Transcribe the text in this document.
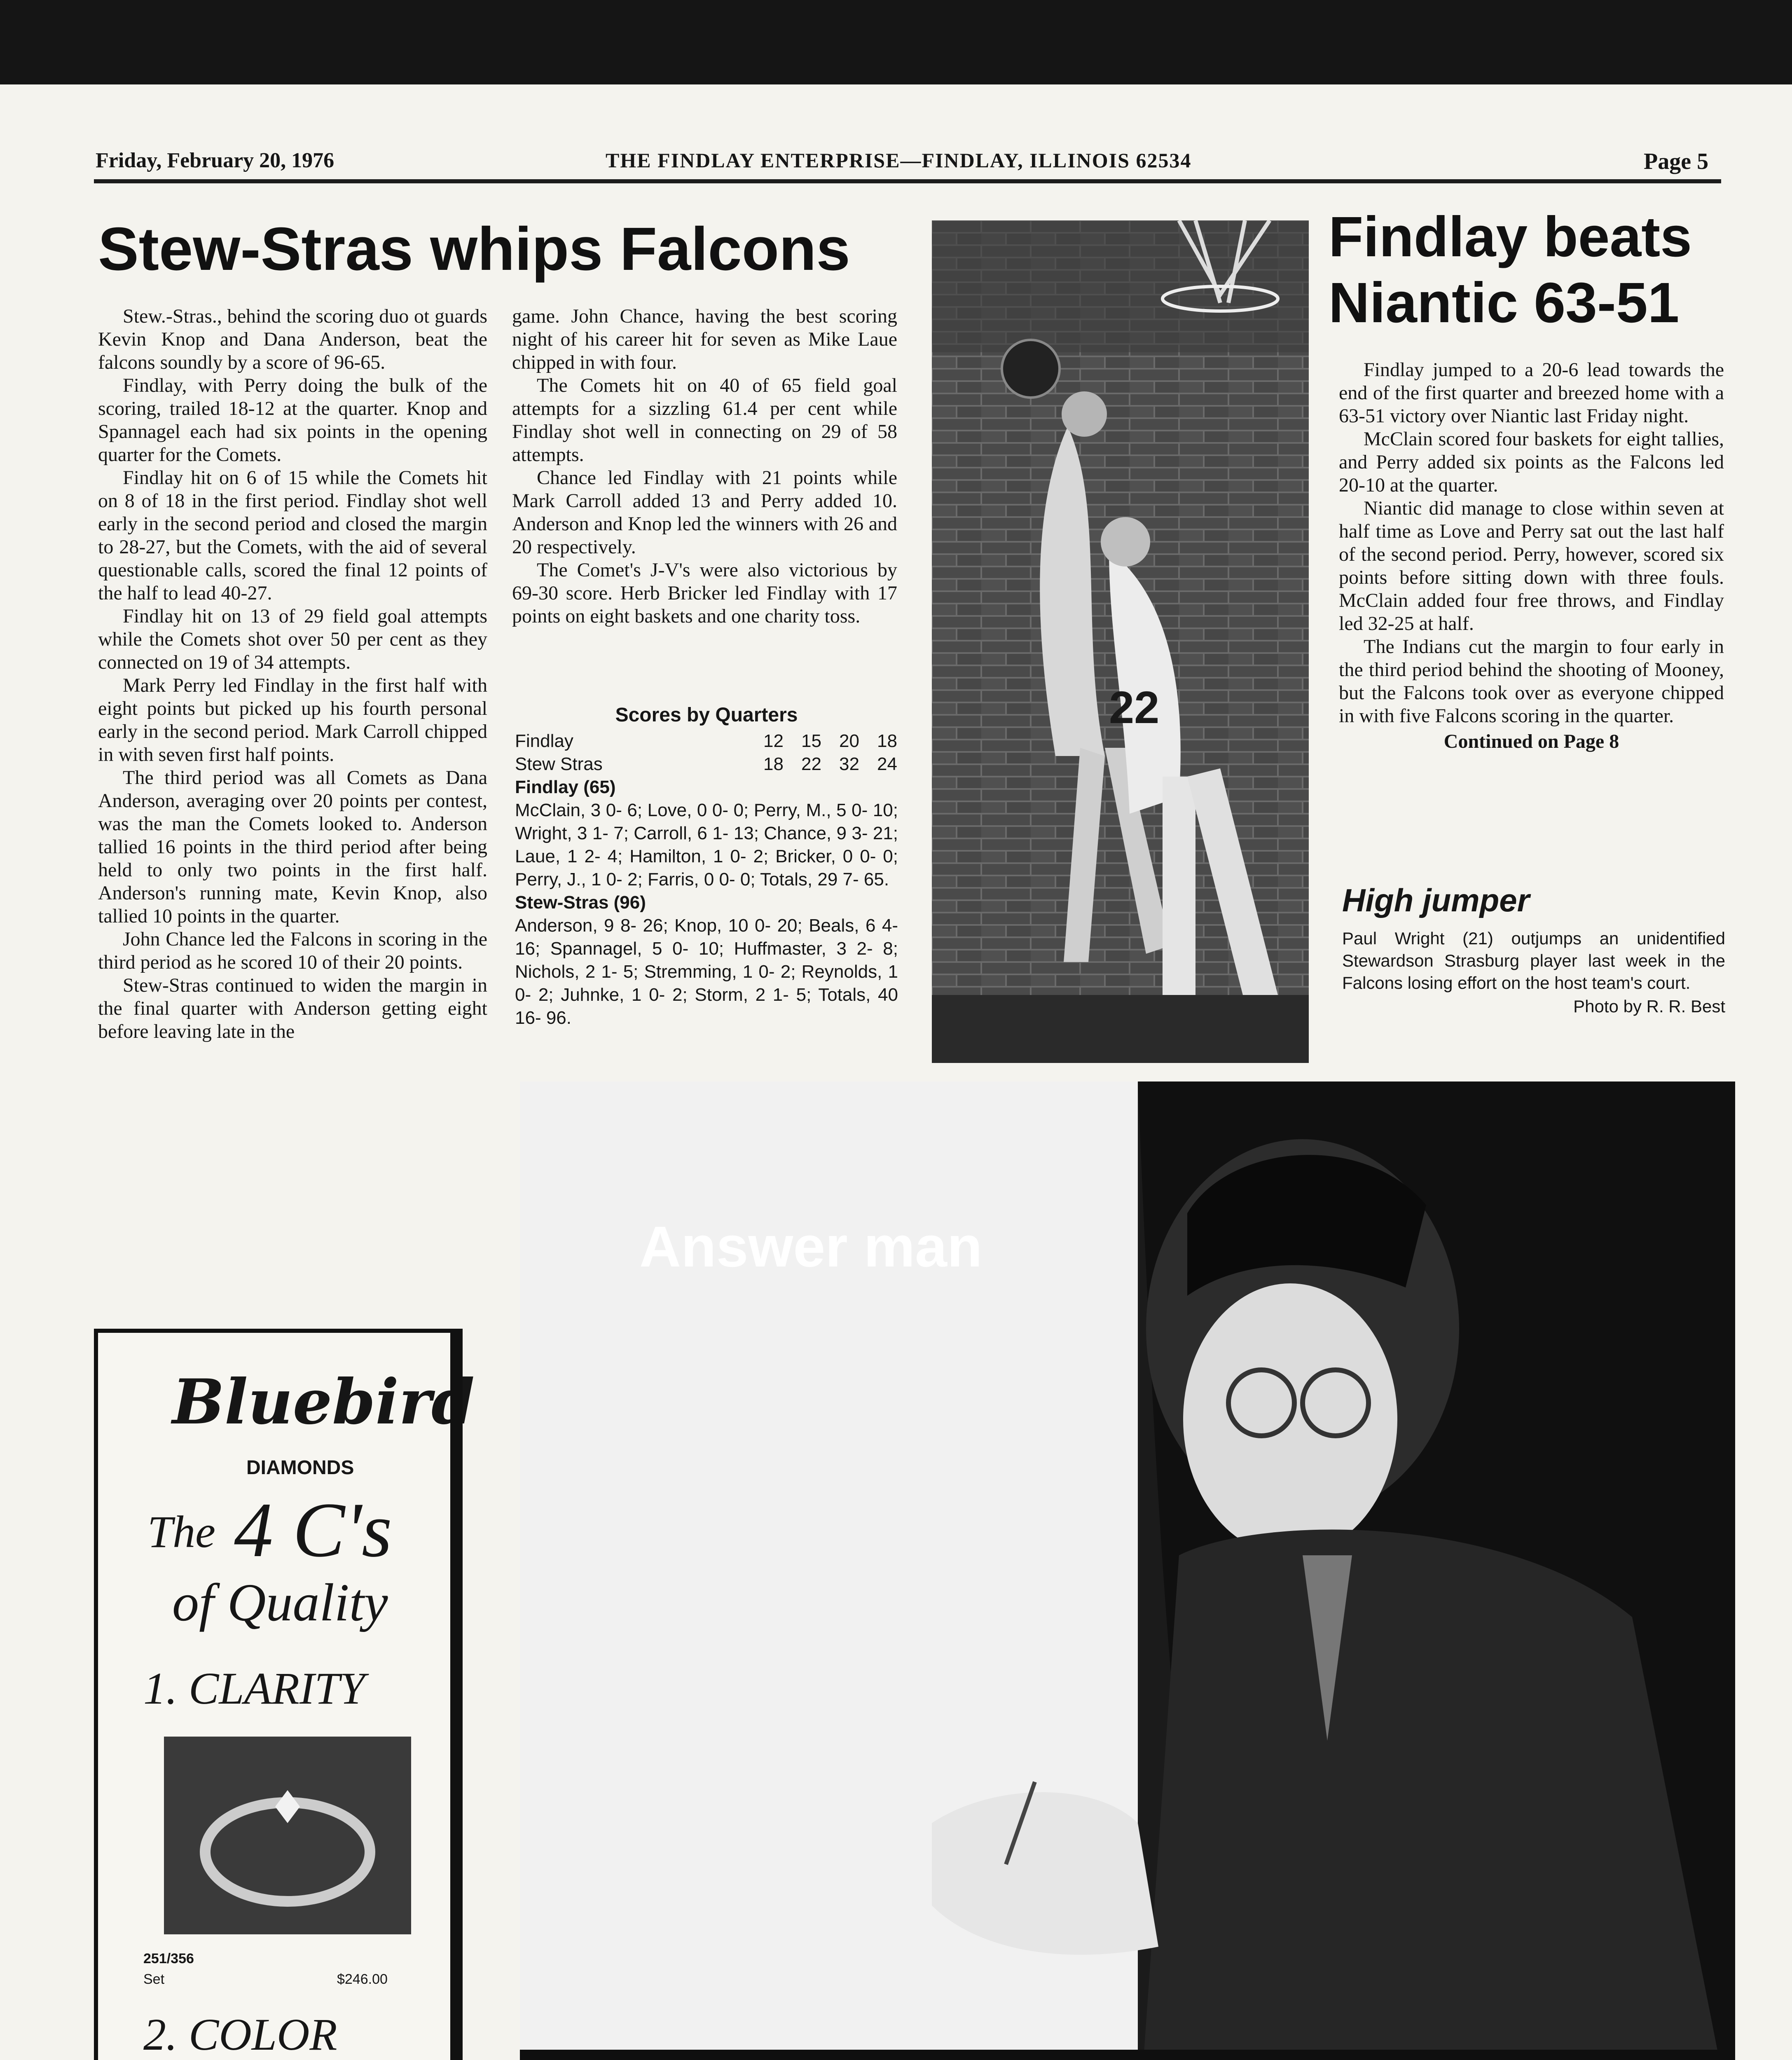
Friday, February 20, 1976	THE FINDLAY ENTERPRISE—FINDLAY, ILLINOIS 62534	Page 5
Stew-Stras whips Falcons

Stew.-Stras., behind the scoring duo ot guards Kevin Knop and Dana Anderson, beat the falcons soundly by a score of 96-65.

Findlay, with Perry doing the bulk of the scoring, trailed 18-12 at the quarter. Knop and Spannagel each had six points in the opening quarter for the Comets.

Findlay hit on 6 of 15 while the Comets hit on 8 of 18 in the first period. Findlay shot well early in the second period and closed the margin to 28-27, but the Comets, with the aid of several questionable calls, scored the final 12 points of the half to lead 40-27.

Findlay hit on 13 of 29 field goal attempts while the Comets shot over 50 per cent as they connected on 19 of 34 attempts.

Mark Perry led Findlay in the first half with eight points but picked up his fourth personal early in the second period. Mark Carroll chipped in with seven first half points.

The third period was all Comets as Dana Anderson, averaging over 20 points per contest, was the man the Comets looked to. Anderson tallied 16 points in the third period after being held to only two points in the first half. Anderson's running mate, Kevin Knop, also tallied 10 points in the quarter.

John Chance led the Falcons in scoring in the third period as he scored 10 of their 20 points.

Stew-Stras continued to widen the margin in the final quarter with Anderson getting eight before leaving late in the

game. John Chance, having the best scoring night of his career hit for seven as Mike Laue chipped in with four.

The Comets hit on 40 of 65 field goal attempts for a sizzling 61.4 per cent while Findlay shot well in connecting on 29 of 58 attempts.

Chance led Findlay with 21 points while Mark Carroll added 13 and Perry added 10. Anderson and Knop led the winners with 26 and 20 respectively.

The Comet's J-V's were also victorious by 69-30 score. Herb Bricker led Findlay with 17 points on eight baskets and one charity toss.

Scores by Quarters
Findlay	12 15 20 18
Stew Stras	18 22 32 24
Findlay (65)
McClain, 3 0- 6; Love, 0 0- 0; Perry, M., 5 0- 10; Wright, 3 1- 7; Carroll, 6 1- 13; Chance, 9 3- 21; Laue, 1 2- 4; Hamilton, 1 0- 2; Bricker, 0 0- 0; Perry, J., 1 0- 2; Farris, 0 0- 0; Totals, 29 7- 65.
Stew-Stras (96)
Anderson, 9 8- 26; Knop, 10 0- 20; Beals, 6 4- 16; Spannagel, 5 0- 10; Huffmaster, 3 2- 8; Nichols, 2 1- 5; Stremming, 1 0- 2; Reynolds, 1 0- 2; Juhnke, 1 0- 2; Storm, 2 1- 5; Totals, 40 16- 96.
22
Findlay beats
Niantic 63-51

Findlay jumped to a 20-6 lead towards the end of the first quarter and breezed home with a 63-51 victory over Niantic last Friday night.

McClain scored four baskets for eight tallies, and Perry added six points as the Falcons led 20-10 at the quarter.

Niantic did manage to close within seven at half time as Love and Perry sat out the last half of the second period. Perry, however, scored six points before sitting down with three fouls. McClain added four free throws, and Findlay led 32-25 at half.

The Indians cut the margin to four early in the third period behind the shooting of Mooney, but the Falcons took over as everyone chipped in with five Falcons scoring in the quarter.

Continued on Page 8
High jumper
Paul Wright (21) outjumps an unidentified Stewardson Strasburg player last week in the Falcons losing effort on the host team's court.
Photo by R. R. Best
Bluebird
DIAMONDS
The 4 C's
of Quality
1. CLARITY
251/356
Set	$246.00
2. COLOR
Answer man
